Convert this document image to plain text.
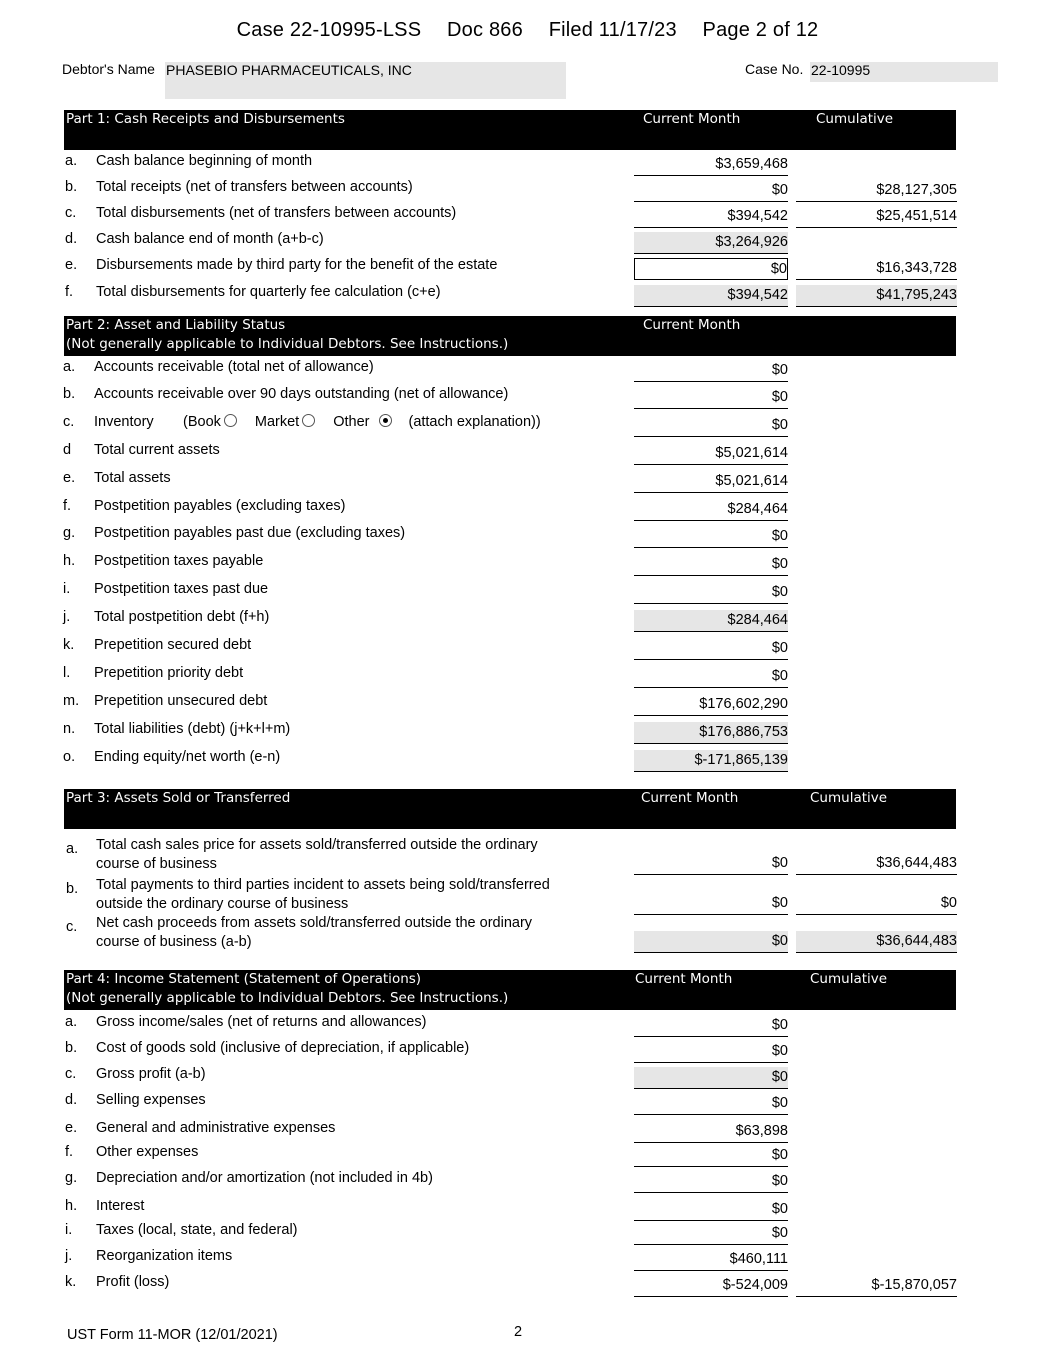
Case 22-10995-LSS Doc 866 Filed 11/17/23 Page 2 of 12
Debtor's Name PHASEBIO PHARMACEUTICALS, INC	Case No. 22-10995
Part 1: Cash Receipts and Disbursements	Current Month	Cumulative
a. Cash balance beginning of month	$3,659,468
b. Total receipts (net of transfers between accounts)	$0	$28,127,305
c. Total disbursements (net of transfers between accounts)	$394,542	$25,451,514
d. Cash balance end of month (a+b-c)	$3,264,926
e. Disbursements made by third party for the benefit of the estate	$0	$16,343,728
f. Total disbursements for quarterly fee calculation (c+e)	$394,542	$41,795,243
Part 2: Asset and Liability Status
(Not generally applicable to Individual Debtors. See Instructions.)
Current Month
a. Accounts receivable (total net of allowance)	$0
b. Accounts receivable over 90 days outstanding (net of allowance)	$0
c. Inventory (Book Market Other	(attach explanation))	$0
d Total current assets	$5,021,614
e. Total assets	$5,021,614
f. Postpetition payables (excluding taxes)	$284,464
g. Postpetition payables past due (excluding taxes)	$0
h. Postpetition taxes payable	$0
i. Postpetition taxes past due	$0
j. Total postpetition debt (f+h)	$284,464
k. Prepetition secured debt	$0
l. Prepetition priority debt	$0
m. Prepetition unsecured debt	$176,602,290
n. Total liabilities (debt) (j+k+l+m)	$176,886,753
o. Ending equity/net worth (e-n)	$-171,865,139
Part 3: Assets Sold or Transferred	Current Month	Cumulative
a. Total cash sales price for assets sold/transferred outside the ordinary
course of business	$0	$36,644,483
b. Total payments to third parties incident to assets being sold/transferred
outside the ordinary course of business	$0	$0
c. Net cash proceeds from assets sold/transferred outside the ordinary
course of business (a-b)	$0	$36,644,483
Part 4: Income Statement (Statement of Operations)
(Not generally applicable to Individual Debtors. See Instructions.)
Current Month	Cumulative
a. Gross income/sales (net of returns and allowances)	$0
b. Cost of goods sold (inclusive of depreciation, if applicable)	$0
c. Gross profit (a-b)	$0
d. Selling expenses	$0
e. General and administrative expenses	$63,898
f. Other expenses	$0
g. Depreciation and/or amortization (not included in 4b)	$0
h. Interest	$0
i. Taxes (local, state, and federal)	$0
j. Reorganization items	$460,111
k. Profit (loss)	$-524,009	$-15,870,057
UST Form 11-MOR (12/01/2021)	2
